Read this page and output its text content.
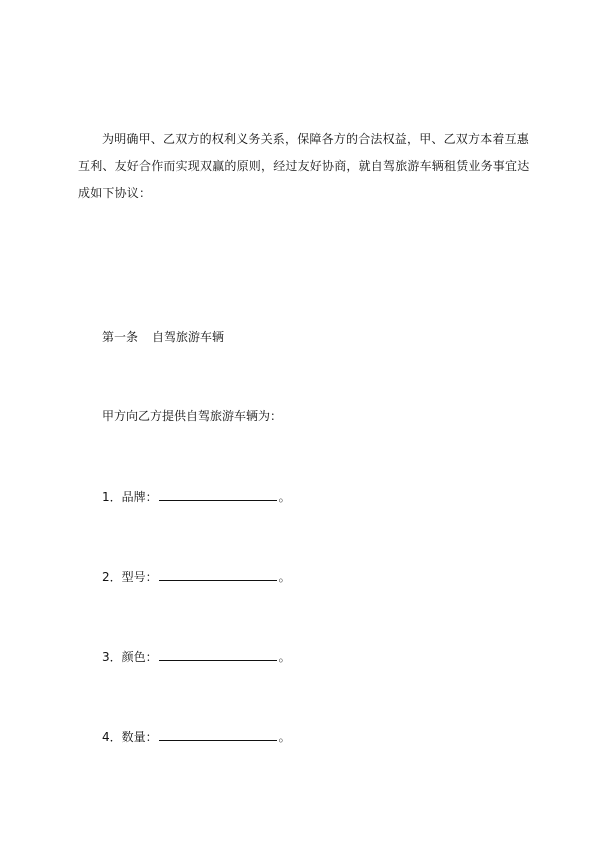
为明确甲、乙双方的权利义务关系，保障各方的合法权益，甲、乙双方本着互惠
互利、友好合作而实现双赢的原则，经过友好协商，就自驾旅游车辆租赁业务事宜达
成如下协议：
第一条 自驾旅游车辆
甲方向乙方提供自驾旅游车辆为：
1．品牌：	。
2．型号：	。
3．颜色：	。
4．数量：	。
